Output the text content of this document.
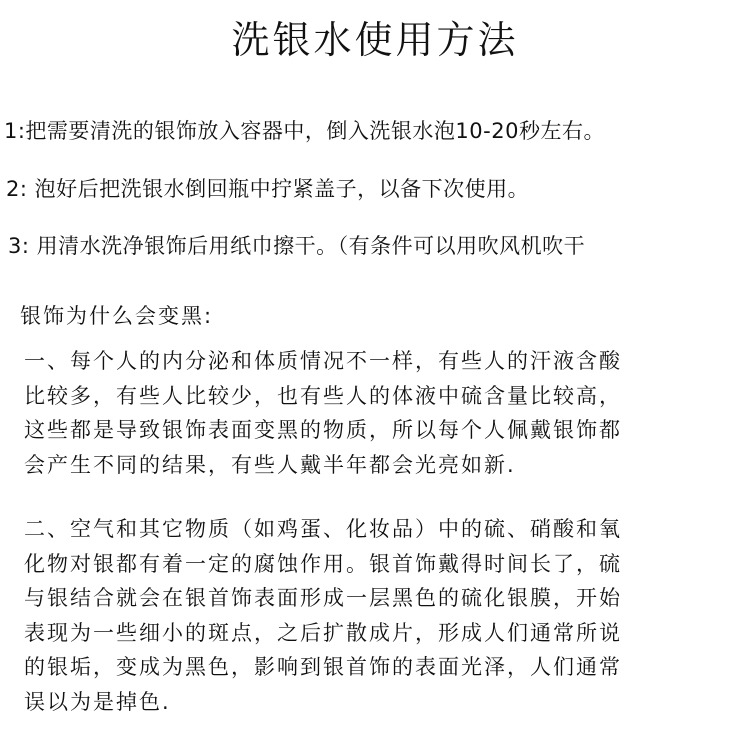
洗银水使用方法
1:把需要清洗的银饰放入容器中，倒入洗银水泡10-20秒左右。
2: 泡好后把洗银水倒回瓶中拧紧盖子，以备下次使用。
3: 用清水洗净银饰后用纸巾擦干。（有条件可以用吹风机吹干
银饰为什么会变黑:
一、每个人的内分泌和体质情况不一样，有些人的汗液含酸
比较多，有些人比较少，也有些人的体液中硫含量比较高，
这些都是导致银饰表面变黑的物质，所以每个人佩戴银饰都
会产生不同的结果，有些人戴半年都会光亮如新.
二、空气和其它物质（如鸡蛋、化妆品）中的硫、硝酸和氧
化物对银都有着一定的腐蚀作用。银首饰戴得时间长了，硫
与银结合就会在银首饰表面形成一层黑色的硫化银膜，开始
表现为一些细小的斑点，之后扩散成片，形成人们通常所说
的银垢，变成为黑色，影响到银首饰的表面光泽，人们通常
误以为是掉色.
